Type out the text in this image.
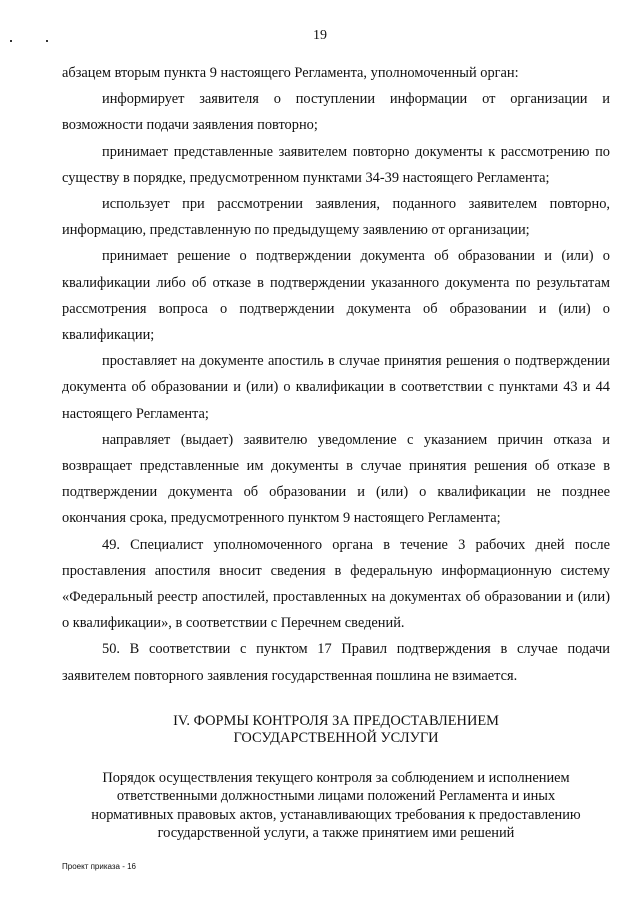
19

абзацем вторым пункта 9 настоящего Регламента, уполномоченный орган:

информирует заявителя о поступлении информации от организации и возможности подачи заявления повторно;

принимает представленные заявителем повторно документы к рассмотрению по существу в порядке, предусмотренном пунктами 34-39 настоящего Регламента;

использует при рассмотрении заявления, поданного заявителем повторно, информацию, представленную по предыдущему заявлению от организации;

принимает решение о подтверждении документа об образовании и (или) о квалификации либо об отказе в подтверждении указанного документа по результатам рассмотрения вопроса о подтверждении документа об образовании и (или) о квалификации;

проставляет на документе апостиль в случае принятия решения о подтверждении документа об образовании и (или) о квалификации в соответствии с пунктами 43 и 44 настоящего Регламента;

направляет (выдает) заявителю уведомление с указанием причин отказа и возвращает представленные им документы в случае принятия решения об отказе в подтверждении документа об образовании и (или) о квалификации не позднее окончания срока, предусмотренного пунктом 9 настоящего Регламента;

49. Специалист уполномоченного органа в течение 3 рабочих дней после проставления апостиля вносит сведения в федеральную информационную систему «Федеральный реестр апостилей, проставленных на документах об образовании и (или) о квалификации», в соответствии с Перечнем сведений.

50. В соответствии с пунктом 17 Правил подтверждения в случае подачи заявителем повторного заявления государственная пошлина не взимается.

IV. ФОРМЫ КОНТРОЛЯ ЗА ПРЕДОСТАВЛЕНИЕМ
ГОСУДАРСТВЕННОЙ УСЛУГИ
Порядок осуществления текущего контроля за соблюдением и исполнением
ответственными должностными лицами положений Регламента и иных
нормативных правовых актов, устанавливающих требования к предоставлению
государственной услуги, а также принятием ими решений
Проект приказа - 16
